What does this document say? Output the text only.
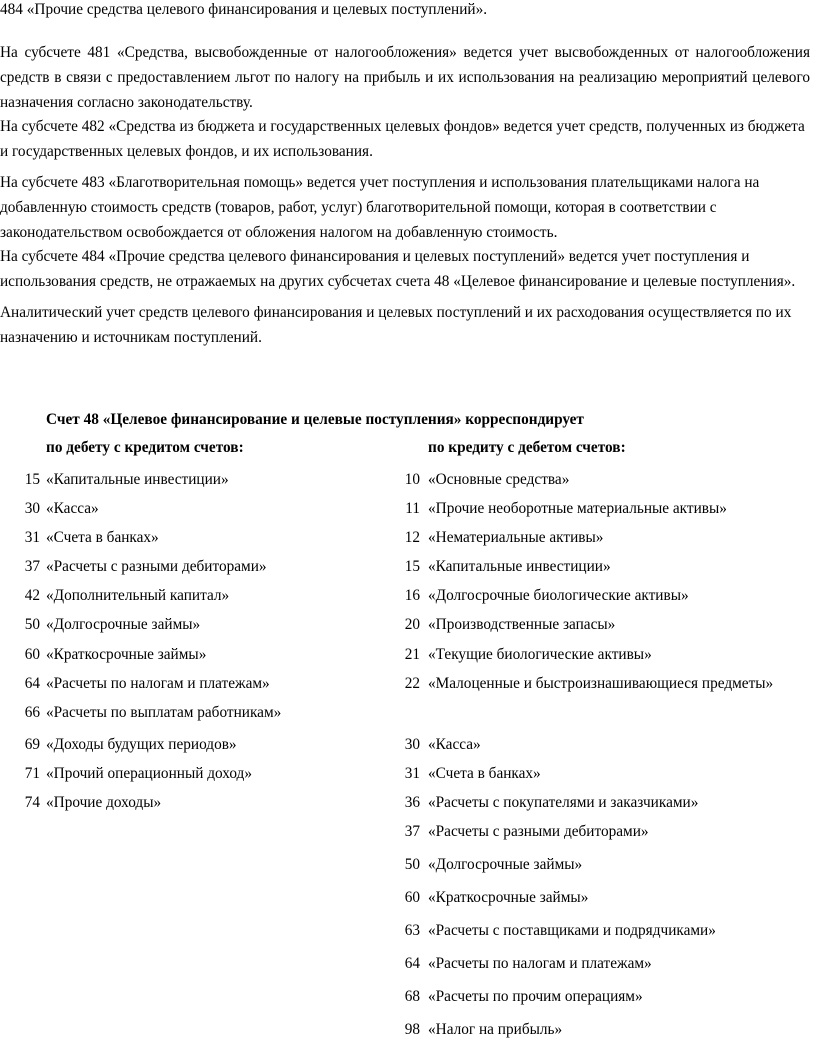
484 «Прочие средства целевого финансирования и целевых поступлений».

На субсчете 481 «Средства, высвобожденные от налогообложения» ведется учет высвобожденных от налогообложения средств в связи с предоставлением льгот по налогу на прибыль и их использования на реализацию мероприятий целевого назначения согласно законодательству.

На субсчете 482 «Средства из бюджета и государственных целевых фондов» ведется учет средств, полученных из бюджета и государственных целевых фондов, и их использования.

На субсчете 483 «Благотворительная помощь» ведется учет поступления и использования плательщиками налога на добавленную стоимость средств (товаров, работ, услуг) благотворительной помощи, которая в соответствии с законодательством освобождается от обложения налогом на добавленную стоимость.

На субсчете 484 «Прочие средства целевого финансирования и целевых поступлений» ведется учет поступления и использования средств, не отражаемых на других субсчетах счета 48 «Целевое финансирование и целевые поступления».

Аналитический учет средств целевого финансирования и целевых поступлений и их расходования осуществляется по их назначению и источникам поступлений.

Счет 48 «Целевое финансирование и целевые поступления» корреспондирует
по дебету с кредитом счетов:	по кредиту с дебетом счетов:
15 «Капитальные инвестиции»
30 «Касса»
31 «Счета в банках»
37 «Расчеты с разными дебиторами»
42 «Дополнительный капитал»
50 «Долгосрочные займы»
60 «Краткосрочные займы»
64 «Расчеты по налогам и платежам»
66 «Расчеты по выплатам работникам»
69 «Доходы будущих периодов»
71 «Прочий операционный доход»
74 «Прочие доходы»
10 «Основные средства»
11 «Прочие необоротные материальные активы»
12 «Нематериальные активы»
15 «Капитальные инвестиции»
16 «Долгосрочные биологические активы»
20 «Производственные запасы»
21 «Текущие биологические активы»
22 «Малоценные и быстроизнашивающиеся предметы»
30 «Касса»
31 «Счета в банках»
36 «Расчеты с покупателями и заказчиками»
37 «Расчеты с разными дебиторами»
50 «Долгосрочные займы»
60 «Краткосрочные займы»
63 «Расчеты с поставщиками и подрядчиками»
64 «Расчеты по налогам и платежам»
68 «Расчеты по прочим операциям»
98 «Налог на прибыль»
